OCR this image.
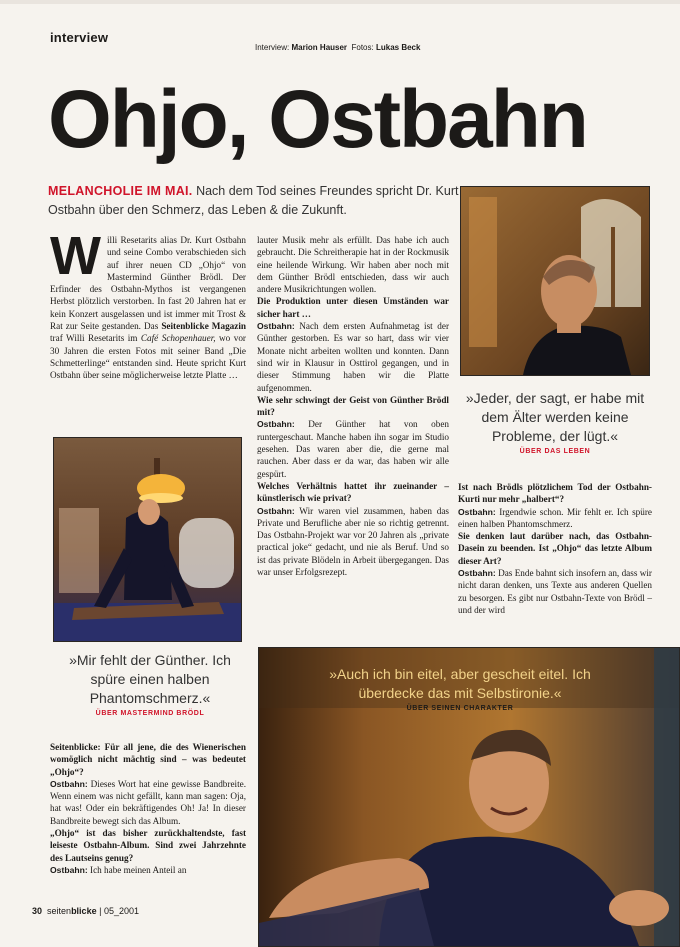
interview
Interview: Marion Hauser Fotos: Lukas Beck
Ohjo, Ostbahn
MELANCHOLIE IM MAI. Nach dem Tod seines Freundes spricht Dr. Kurt Ostbahn über den Schmerz, das Leben & die Zukunft.

Willi Resetarits alias Dr. Kurt Ostbahn und seine Combo verabschieden sich auf ihrer neuen CD „Ohjo“ von Mastermind Günther Brödl. Der Erfinder des Ostbahn-Mythos ist vergangenen Herbst plötzlich verstorben. In fast 20 Jahren hat er kein Konzert ausgelassen und ist immer mit Trost & Rat zur Seite gestanden. Das Seitenblicke Magazin traf Willi Resetarits im Café Schopenhauer, wo vor 30 Jahren die ersten Fotos mit seiner Band „Die Schmetterlinge“ entstanden sind. Heute spricht Kurt Ostbahn über seine möglicherweise letzte Platte …

»Mir fehlt der Günther. Ich spüre einen halben Phantomschmerz.«
ÜBER MASTERMIND BRÖDL

Seitenblicke: Für all jene, die des Wienerischen womöglich nicht mächtig sind – was bedeutet „Ohjo“?

Ostbahn: Dieses Wort hat eine gewisse Bandbreite. Wenn einem was nicht gefällt, kann man sagen: Oja, hat was! Oder ein bekräftigendes Oh! Ja! In dieser Bandbreite bewegt sich das Album.

„Ohjo“ ist das bisher zurückhaltendste, fast leiseste Ostbahn-Album. Sind zwei Jahrzehnte des Lautseins genug?

Ostbahn: Ich habe meinen Anteil an

lauter Musik mehr als erfüllt. Das habe ich auch gebraucht. Die Schreitherapie hat in der Rockmusik eine heilende Wirkung. Wir haben aber noch mit dem Günther Brödl entschieden, dass wir auch andere Musikrichtungen wollen.

Die Produktion unter diesen Umständen war sicher hart …

Ostbahn: Nach dem ersten Aufnahmetag ist der Günther gestorben. Es war so hart, dass wir vier Monate nicht arbeiten wollten und konnten. Dann sind wir in Klausur in Osttirol gegangen, und in dieser Stimmung haben wir die Platte aufgenommen.

Wie sehr schwingt der Geist von Günther Brödl mit?

Ostbahn: Der Günther hat von oben runtergeschaut. Manche haben ihn sogar im Studio gesehen. Das waren aber die, die gerne mal rauchen. Aber dass er da war, das haben wir alle gespürt.

Welches Verhältnis hattet ihr zueinander – künstlerisch wie privat?

Ostbahn: Wir waren viel zusammen, haben das Private und Berufliche aber nie so richtig getrennt. Das Ostbahn-Projekt war vor 20 Jahren als „private practical joke“ gedacht, und nie als Beruf. Und so ist das private Blödeln in Arbeit übergegangen. Das war unser Erfolgsrezept.

»Jeder, der sagt, er habe mit dem Älter werden keine Probleme, der lügt.«
ÜBER DAS LEBEN

Ist nach Brödls plötzlichem Tod der Ostbahn-Kurti nur mehr „halbert“?

Ostbahn: Irgendwie schon. Mir fehlt er. Ich spüre einen halben Phantomschmerz.

Sie denken laut darüber nach, das Ostbahn-Dasein zu beenden. Ist „Ohjo“ das letzte Album dieser Art?

Ostbahn: Das Ende bahnt sich insofern an, dass wir nicht daran denken, uns Texte aus anderen Quellen zu besorgen. Es gibt nur Ostbahn-Texte von Brödl – und der wird

»Auch ich bin eitel, aber gescheit eitel. Ich überdecke das mit Selbstironie.«
ÜBER SEINEN CHARAKTER
30 seitenblicke | 05_2001
